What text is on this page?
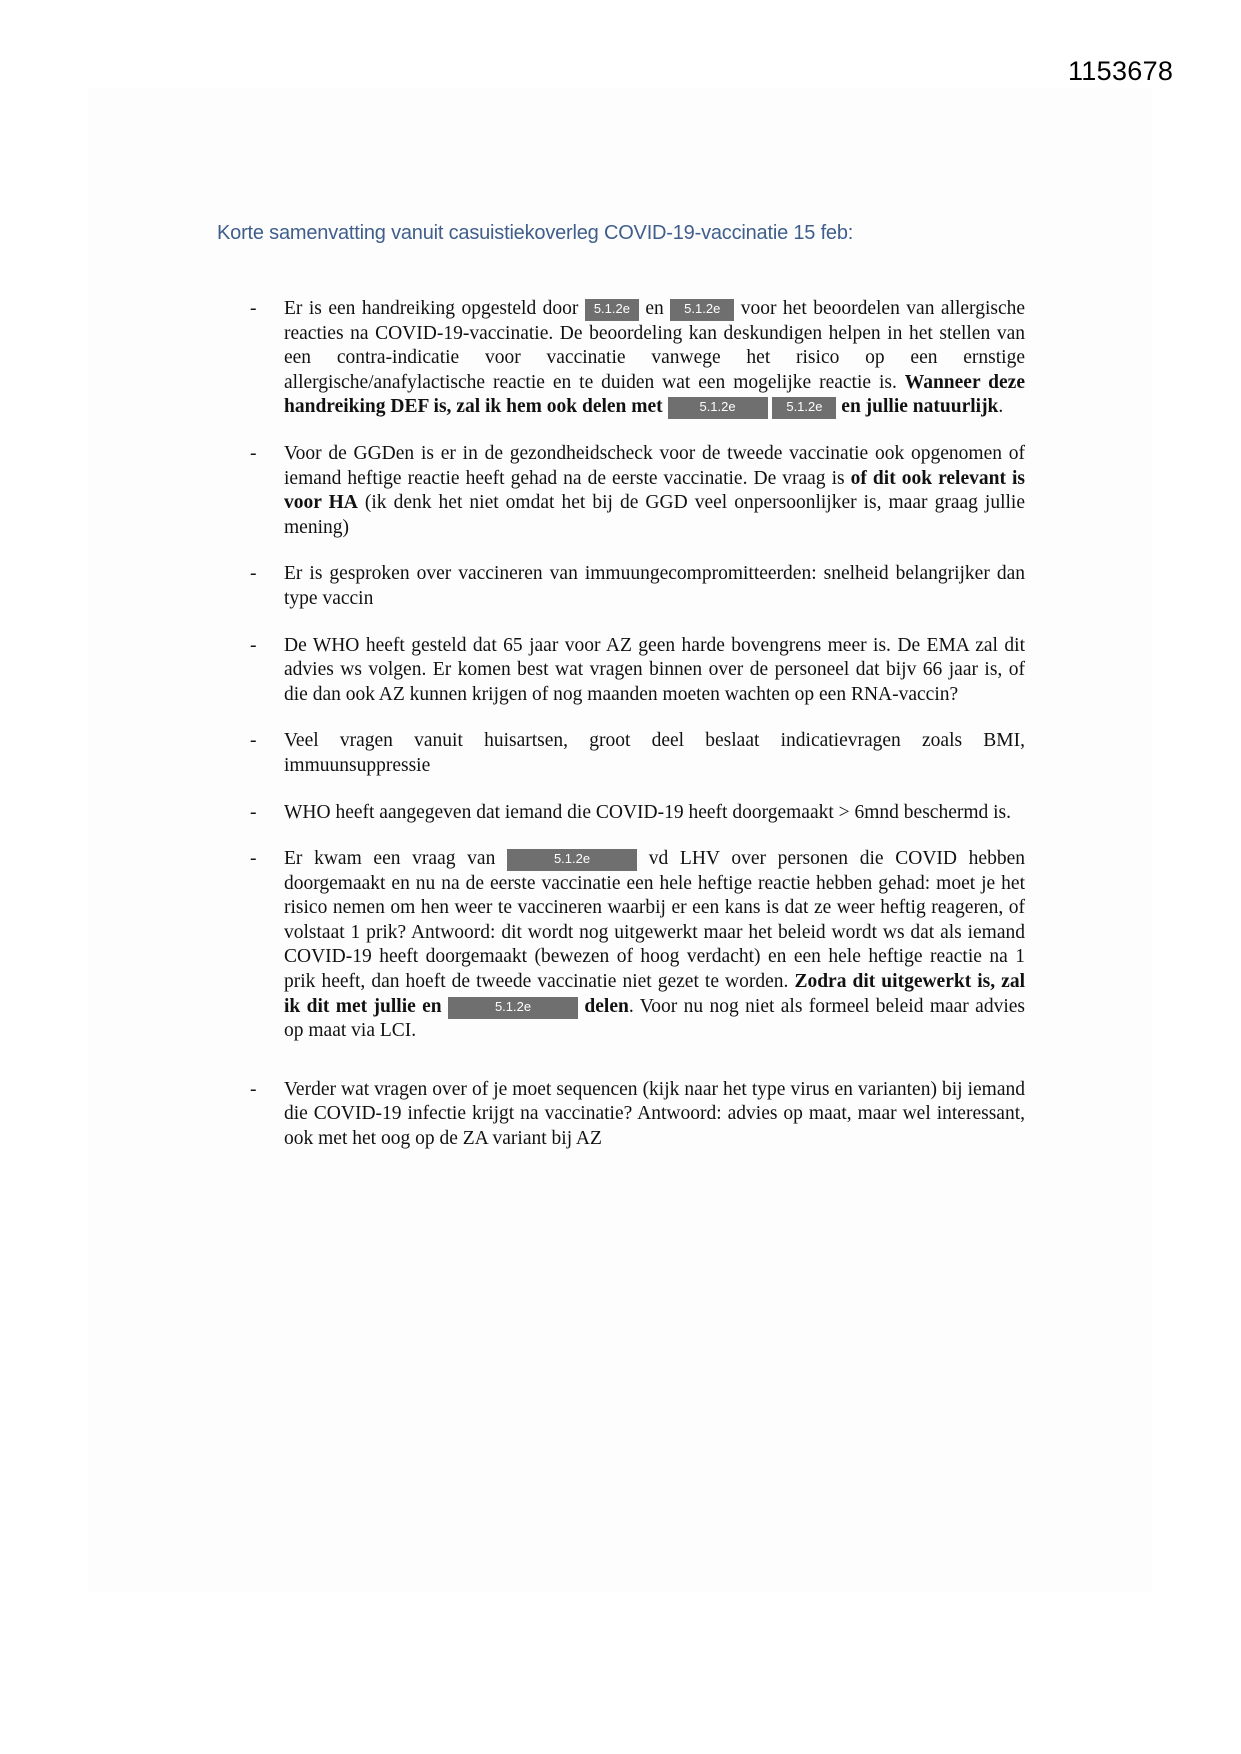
1153678
Korte samenvatting vanuit casuistiekoverleg COVID-19-vaccinatie 15 feb:
- Er is een handreiking opgesteld door 5.1.2e en 5.1.2e voor het beoordelen van allergische reacties na COVID-19-vaccinatie. De beoordeling kan deskundigen helpen in het stellen van een contra-indicatie voor vaccinatie vanwege het risico op een ernstige allergische/anafylactische reactie en te duiden wat een mogelijke reactie is. Wanneer deze handreiking DEF is, zal ik hem ook delen met	5.1.2e	5.1.2e en jullie natuurlijk.
- Voor de GGDen is er in de gezondheidscheck voor de tweede vaccinatie ook opgenomen of iemand heftige reactie heeft gehad na de eerste vaccinatie. De vraag is of dit ook relevant is voor HA (ik denk het niet omdat het bij de GGD veel onpersoonlijker is, maar graag jullie mening)
- Er is gesproken over vaccineren van immuungecompromitteerden: snelheid belangrijker dan type vaccin
- De WHO heeft gesteld dat 65 jaar voor AZ geen harde bovengrens meer is. De EMA zal dit advies ws volgen. Er komen best wat vragen binnen over de personeel dat bijv 66 jaar is, of die dan ook AZ kunnen krijgen of nog maanden moeten wachten op een RNA-vaccin?
- Veel vragen vanuit huisartsen, groot deel beslaat indicatievragen zoals BMI, immuunsuppressie
- WHO heeft aangegeven dat iemand die COVID-19 heeft doorgemaakt > 6mnd beschermd is.
- Er kwam een vraag van	5.1.2e	vd LHV over personen die COVID hebben doorgemaakt en nu na de eerste vaccinatie een hele heftige reactie hebben gehad: moet je het risico nemen om hen weer te vaccineren waarbij er een kans is dat ze weer heftig reageren, of volstaat 1 prik? Antwoord: dit wordt nog uitgewerkt maar het beleid wordt ws dat als iemand COVID-19 heeft doorgemaakt (bewezen of hoog verdacht) en een hele heftige reactie na 1 prik heeft, dan hoeft de tweede vaccinatie niet gezet te worden. Zodra dit uitgewerkt is, zal ik dit met jullie en	5.1.2e	delen. Voor nu nog niet als formeel beleid maar advies op maat via LCI.
- Verder wat vragen over of je moet sequencen (kijk naar het type virus en varianten) bij iemand die COVID-19 infectie krijgt na vaccinatie? Antwoord: advies op maat, maar wel interessant, ook met het oog op de ZA variant bij AZ
